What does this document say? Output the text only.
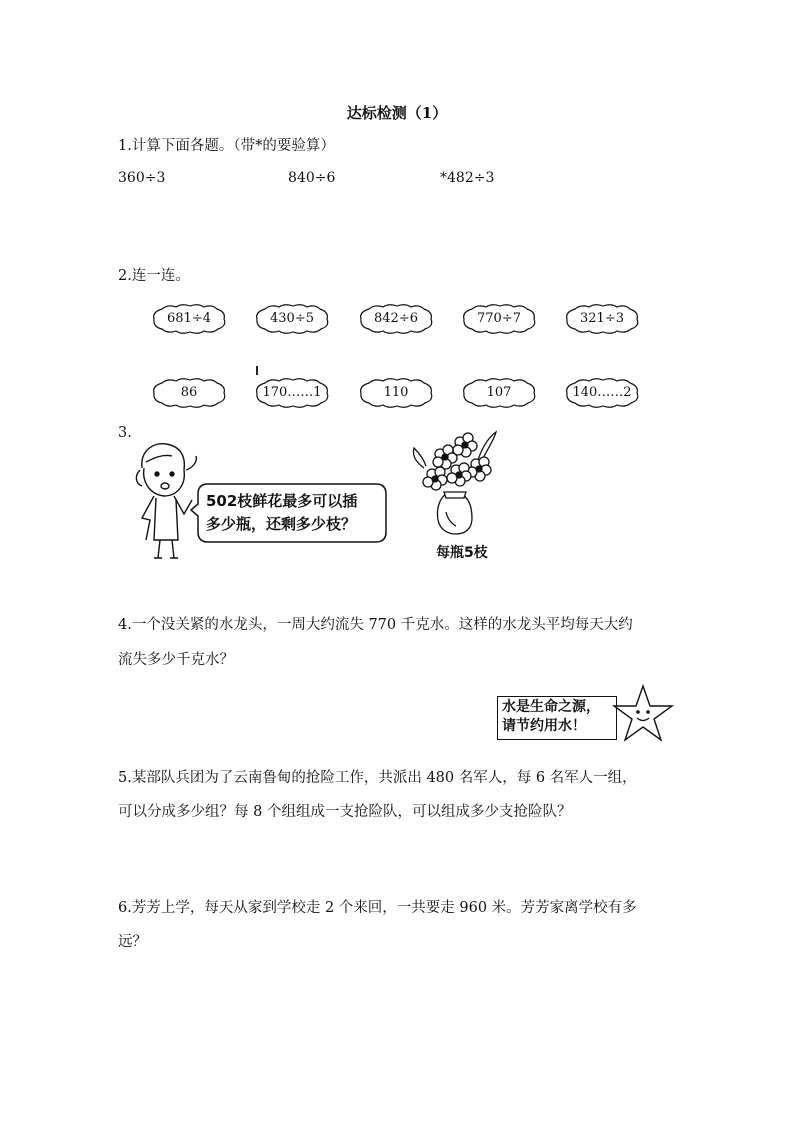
达标检测（1）
1.计算下面各题。（带*的要验算）
360÷3	840÷6	*482÷3
2.连一连。
681÷4	430÷5	842÷6	770÷7	321÷3
86	170……1	110	107	140……2
3.
502枝鲜花最多可以插
多少瓶，还剩多少枝？
每瓶5枝
4.一个没关紧的水龙头，一周大约流失 770 千克水。这样的水龙头平均每天大约
流失多少千克水？
水是生命之源，
请节约用水！
5.某部队兵团为了云南鲁甸的抢险工作，共派出 480 名军人，每 6 名军人一组，
可以分成多少组？每 8 个组组成一支抢险队，可以组成多少支抢险队？
6.芳芳上学，每天从家到学校走 2 个来回，一共要走 960 米。芳芳家离学校有多
远？
